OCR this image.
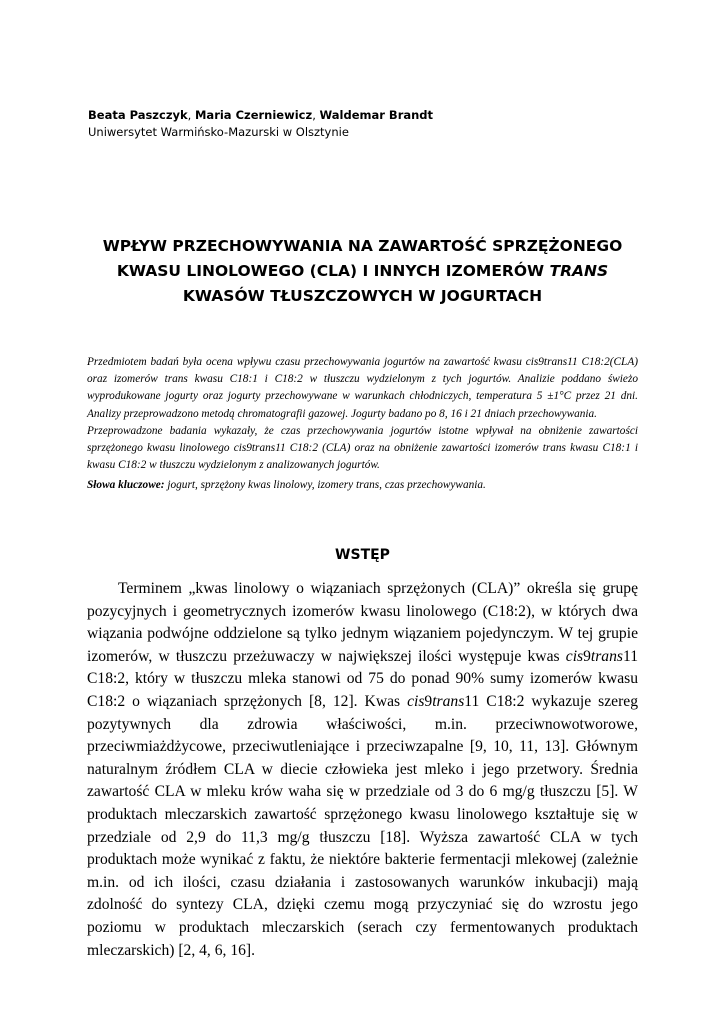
Beata Paszczyk, Maria Czerniewicz, Waldemar Brandt
Uniwersytet Warmińsko-Mazurski w Olsztynie
WPŁYW PRZECHOWYWANIA NA ZAWARTOŚĆ SPRZĘŻONEGO
KWASU LINOLOWEGO (CLA) I INNYCH IZOMERÓW TRANS
KWASÓW TŁUSZCZOWYCH W JOGURTACH

Przedmiotem badań była ocena wpływu czasu przechowywania jogurtów na zawartość kwasu cis9trans11 C18:2(CLA) oraz izomerów trans kwasu C18:1 i C18:2 w tłuszczu wydzielonym z tych jogurtów. Analizie poddano świeżo wyprodukowane jogurty oraz jogurty przechowywane w warunkach chłodniczych, temperatura 5 ±1°C przez 21 dni. Analizy przeprowadzono metodą chromatografii gazowej. Jogurty badano po 8, 16 i 21 dniach przechowywania.

Przeprowadzone badania wykazały, że czas przechowywania jogurtów istotne wpływał na obniżenie zawartości sprzężonego kwasu linolowego cis9trans11 C18:2 (CLA) oraz na obniżenie zawartości izomerów trans kwasu C18:1 i kwasu C18:2 w tłuszczu wydzielonym z analizowanych jogurtów.

Słowa kluczowe: jogurt, sprzężony kwas linolowy, izomery trans, czas przechowywania.

WSTĘP

Terminem „kwas linolowy o wiązaniach sprzężonych (CLA)” określa się grupę pozycyjnych i geometrycznych izomerów kwasu linolowego (C18:2), w których dwa wiązania podwójne oddzielone są tylko jednym wiązaniem pojedynczym. W tej grupie izomerów, w tłuszczu przeżuwaczy w największej ilości występuje kwas cis9trans11 C18:2, który w tłuszczu mleka stanowi od 75 do ponad 90% sumy izomerów kwasu C18:2 o wiązaniach sprzężonych [8, 12]. Kwas cis9trans11 C18:2 wykazuje szereg pozytywnych dla zdrowia właściwości, m.in. przeciwnowotworowe, przeciwmiażdżycowe, przeciwutleniające i przeciwzapalne [9, 10, 11, 13]. Głównym naturalnym źródłem CLA w diecie człowieka jest mleko i jego przetwory. Średnia zawartość CLA w mleku krów waha się w przedziale od 3 do 6 mg/g tłuszczu [5]. W produktach mleczarskich zawartość sprzężonego kwasu linolowego kształtuje się w przedziale od 2,9 do 11,3 mg/g tłuszczu [18]. Wyższa zawartość CLA w tych produktach może wynikać z faktu, że niektóre bakterie fermentacji mlekowej (zależnie m.in. od ich ilości, czasu działania i zastosowanych warunków inkubacji) mają zdolność do syntezy CLA, dzięki czemu mogą przyczyniać się do wzrostu jego poziomu w produktach mleczarskich (serach czy fermentowanych produktach mleczarskich) [2, 4, 6, 16].
